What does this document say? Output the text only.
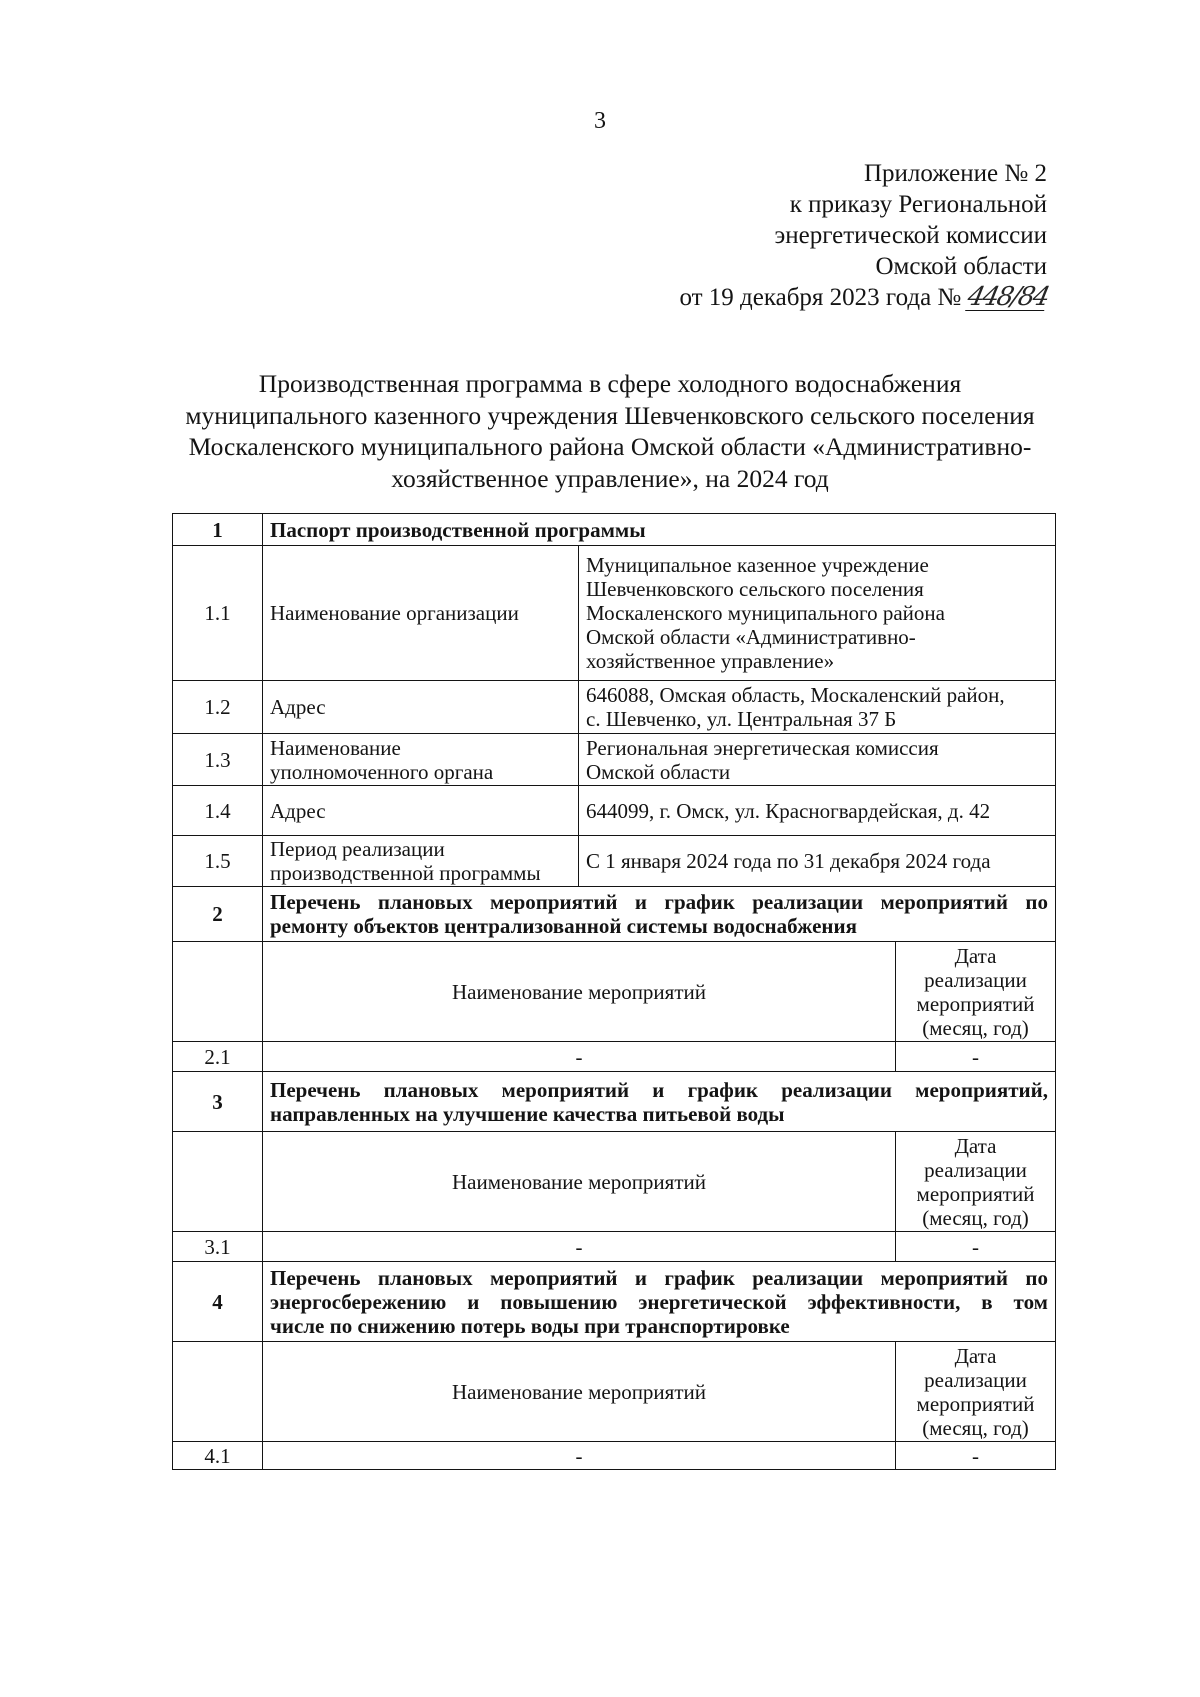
3
Приложение № 2
к приказу Региональной
энергетической комиссии
Омской области
от 19 декабря 2023 года № 448/84
Производственная программа в сфере холодного водоснабжения
муниципального казенного учреждения Шевченковского сельского поселения
Москаленского муниципального района Омской области «Административно-
хозяйственное управление», на 2024 год
1	Паспорт производственной программы		
1.1	Наименование организации	Муниципальное казенное учреждение
Шевченковского сельского поселения
Москаленского муниципального района
Омской области «Административно-
хозяйственное управление»	

1.2	Адрес	646088, Омская область, Москаленский район,
с. Шевченко, ул. Центральная 37 Б	

1.3	Наименование
уполномоченного органа	Региональная энергетическая комиссия
Омской области	

1.4	Адрес	644099, г. Омск, ул. Красногвардейская, д. 42	

1.5	Период реализации
производственной программы	С 1 января 2024 года по 31 декабря 2024 года	

2	Перечень плановых мероприятий и график реализации мероприятий по
ремонту объектов централизованной системы водоснабжения		

	Наименование мероприятий		Дата
реализации
мероприятий
(месяц, год)

2.1	-		-
3	Перечень плановых мероприятий и график реализации мероприятий,
направленных на улучшение качества питьевой воды		

	Наименование мероприятий		Дата
реализации
мероприятий
(месяц, год)

3.1	-		-
4	Перечень плановых мероприятий и график реализации мероприятий по
энергосбережению и повышению энергетической эффективности, в том
числе по снижению потерь воды при транспортировке		

	Наименование мероприятий		Дата
реализации
мероприятий
(месяц, год)

4.1	-		-
